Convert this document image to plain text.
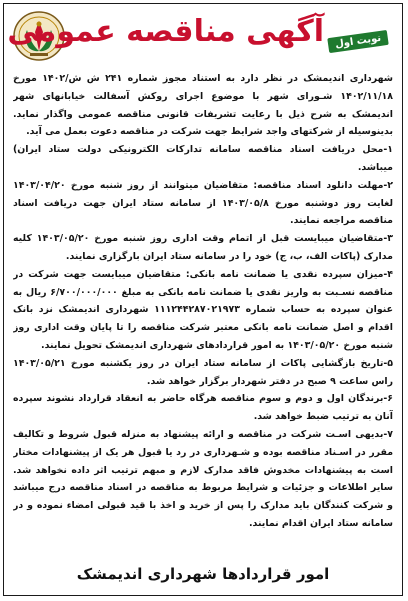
آگهی مناقصه عمومی	نوبت اول

شهرداری اندیمشک در نظر دارد به استناد مجوز شماره ۲۴۱ ش ش/۱۴۰۲ مورخ ۱۴۰۲/۱۱/۱۸ شـورای شهر با موضوع اجرای روکش آسفالت خیابانهای شهر اندیمشک به شرح ذیل با رعایت تشریفات قانونی مناقصه عمومی واگذار نماید. بدینوسیله از شرکتهای واجد شرایط جهت شرکت در مناقصه دعوت بعمل می آید.

۱-محل دریافت اسناد مناقصه سامانه تدارکات الکترونیکی دولت ستاد ایران) میباشد.

۲-مهلت دانلود اسناد مناقصه: متقاضیان میتوانند از روز شنبه مورخ ۱۴۰۳/۰۴/۲۰ لغایت روز دوشنبه مورخ ۱۴۰۳/۰۵/۸ از سامانه ستاد ایران جهت دریافت اسناد مناقصه مراجعه نمایند.

۳-متقاضیان میبایست قبل از اتمام وقت اداری روز شنبه مورخ ۱۴۰۳/۰۵/۲۰ کلیه مدارک (پاکات الف، ب، ج) خود را در سامانه ستاد ایران بارگزاری نمایند.

۴-میزان سپرده نقدی یا ضمانت نامه بانکی: متقاضیان میبایست جهت شرکت در مناقصه نسـبت به واریز نقدی یا ضمانت نامه بانکی به مبلغ ۶/۷۰۰/۰۰۰/۰۰۰ ریال به عنوان سپرده به حساب شماره ۱۱۱۲۴۴۲۸۷۰۲۱۹۷۳ شهرداری اندیمشک نزد بانک اقدام و اصل ضمانت نامه بانکی معتبر شرکت مناقصه را تا پایان وقت اداری روز شنبه مورخ ۱۴۰۳/۰۵/۲۰ به امور قراردادهای شهرداری اندیمشک تحویل نمایند.

۵-تاریخ بازگشایی پاکات از سامانه ستاد ایران در روز یکشنبه مورخ ۱۴۰۳/۰۵/۲۱ راس ساعت ۹ صبح در دفتر شهردار برگزار خواهد شد.

۶-برندگان اول و دوم و سوم مناقصه هرگاه حاضر به انعقاد قرارداد نشوند سپرده آنان به ترتیب ضبط خواهد شد.

۷-بدیهی اسـت شرکت در مناقصه و ارائه پیشنهاد به منزله قبول شروط و تکالیف مقرر در اسـناد مناقصه بوده و شـهرداری در رد یا قبول هر یک از پیشنهادات مختار است به پیشنهادات مخدوش فاقد مدارک لازم و مبهم ترتیب اثر داده نخواهد شد. سایر اطلاعات و جزئیات و شرایط مربوط به مناقصه در اسناد مناقصه درج میباشد و شرکت کنندگان باید مدارک را پس از خرید و اخذ با قید قبولی امضاء نموده و در سامانه ستاد ایران اقدام نمایند.

امور قراردادها شهرداری اندیمشک
